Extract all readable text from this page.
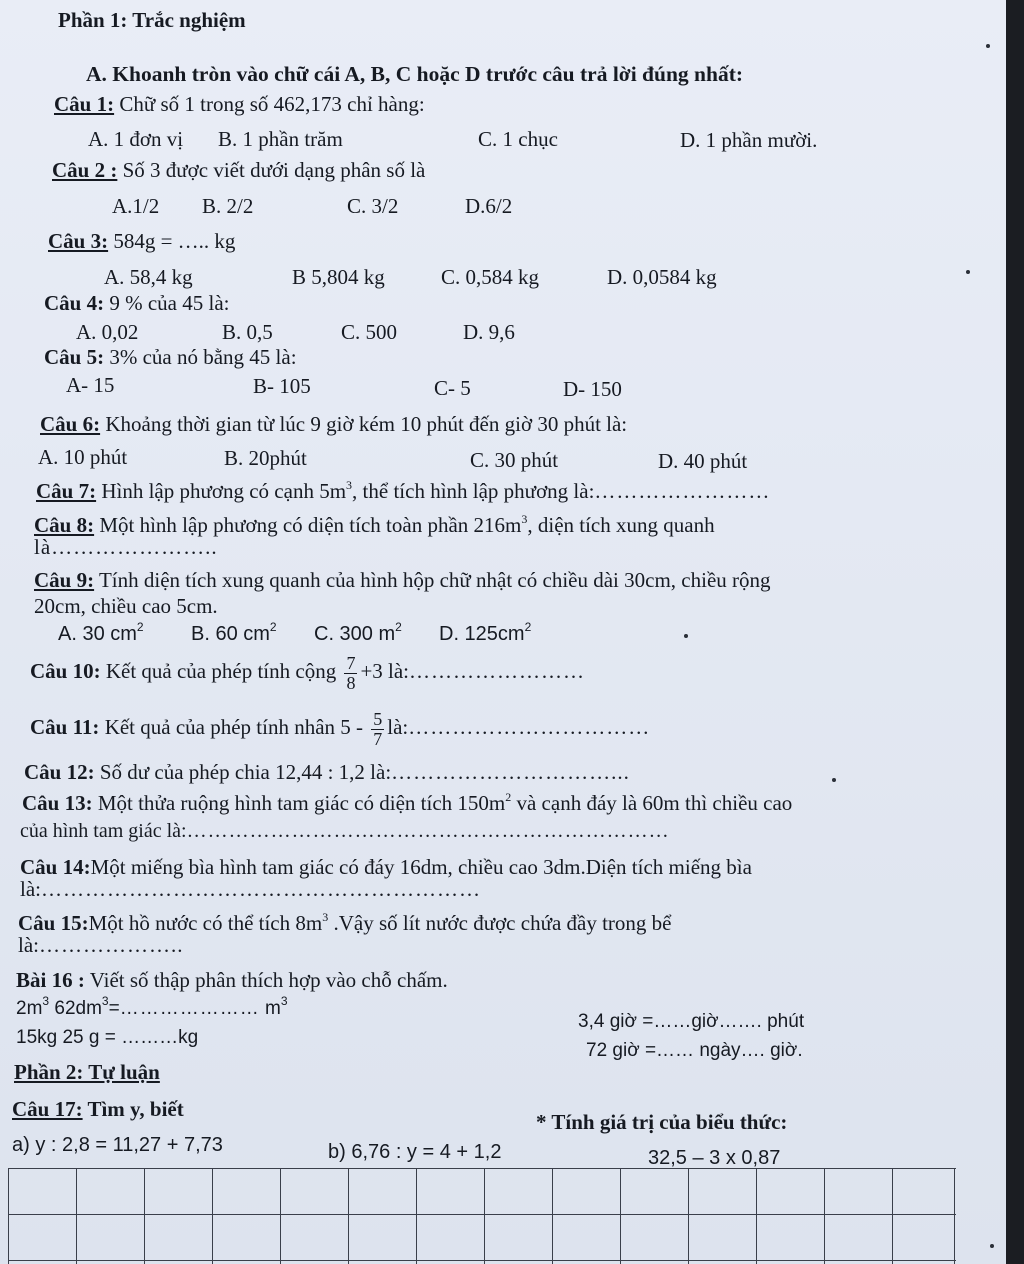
Phần 1: Trắc nghiệm
A. Khoanh tròn vào chữ cái A, B, C hoặc D trước câu trả lời đúng nhất:
Câu 1: Chữ số 1 trong số 462,173 chỉ hàng:
A. 1 đơn vị B. 1 phần trăm	C. 1 chục	D. 1 phần mười.
Câu 2 : Số 3 được viết dưới dạng phân số là
A.1/2 B. 2/2	C. 3/2	D.6/2
Câu 3: 584g = ….. kg
A. 58,4 kg	B 5,804 kg	C. 0,584 kg	D. 0,0584 kg
Câu 4: 9 % của 45 là:
A. 0,02	B. 0,5	C. 500	D. 9,6
Câu 5: 3% của nó bằng 45 là:
A- 15	B- 105	C- 5	D- 150
Câu 6: Khoảng thời gian từ lúc 9 giờ kém 10 phút đến giờ 30 phút là:
A. 10 phút	B. 20phút	C. 30 phút	D. 40 phút
Câu 7: Hình lập phương có cạnh $5m^3$, thể tích hình lập phương là:……………………
Câu 8: Một hình lập phương có diện tích toàn phần $216m^3$, diện tích xung quanh
là…………………..
Câu 9: Tính diện tích xung quanh của hình hộp chữ nhật có chiều dài 30cm, chiều rộng
20cm, chiều cao 5cm.
A. 30 $cm^2$ B. 60 $cm^2$ C. 300 $m^2$ D. $125cm^2$
Câu 10: Kết quả của phép tính cộng $\frac{7}{8} +3$ là:……………………
Câu 11: Kết quả của phép tính nhân $5 - \frac{5}{7}$ là:……………………………
Câu 12: Số dư của phép chia 12,44 : 1,2 là:…………………………...
Câu 13: Một thửa ruộng hình tam giác có diện tích $150m^2$ và cạnh đáy là 60m thì chiều cao
của hình tam giác là:……………………………………………………………
Câu 14:Một miếng bìa hình tam giác có đáy 16dm, chiều cao 3dm.Diện tích miếng bìa
là:……………………………………………………
Câu 15:Một hồ nước có thể tích $8m^3$ .Vậy số lít nước được chứa đầy trong bể
là:………………..
Bài 16 : Viết số thập phân thích hợp vào chỗ chấm.
$2m^3$ $62dm^3=\dots\dots\dots\dots\dots\dots\dots$ $m^3$
3,4 giờ =……giờ……. phút
15kg 25 g = ………kg
72 giờ =…… ngày…. giờ.
Phần 2: Tự luận
Câu 17: Tìm y, biết
* Tính giá trị của biểu thức:
a) y : 2,8 = 11,27 + 7,73	b) 6,76 : y = 4 + 1,2	32,5 – 3 x 0,87
